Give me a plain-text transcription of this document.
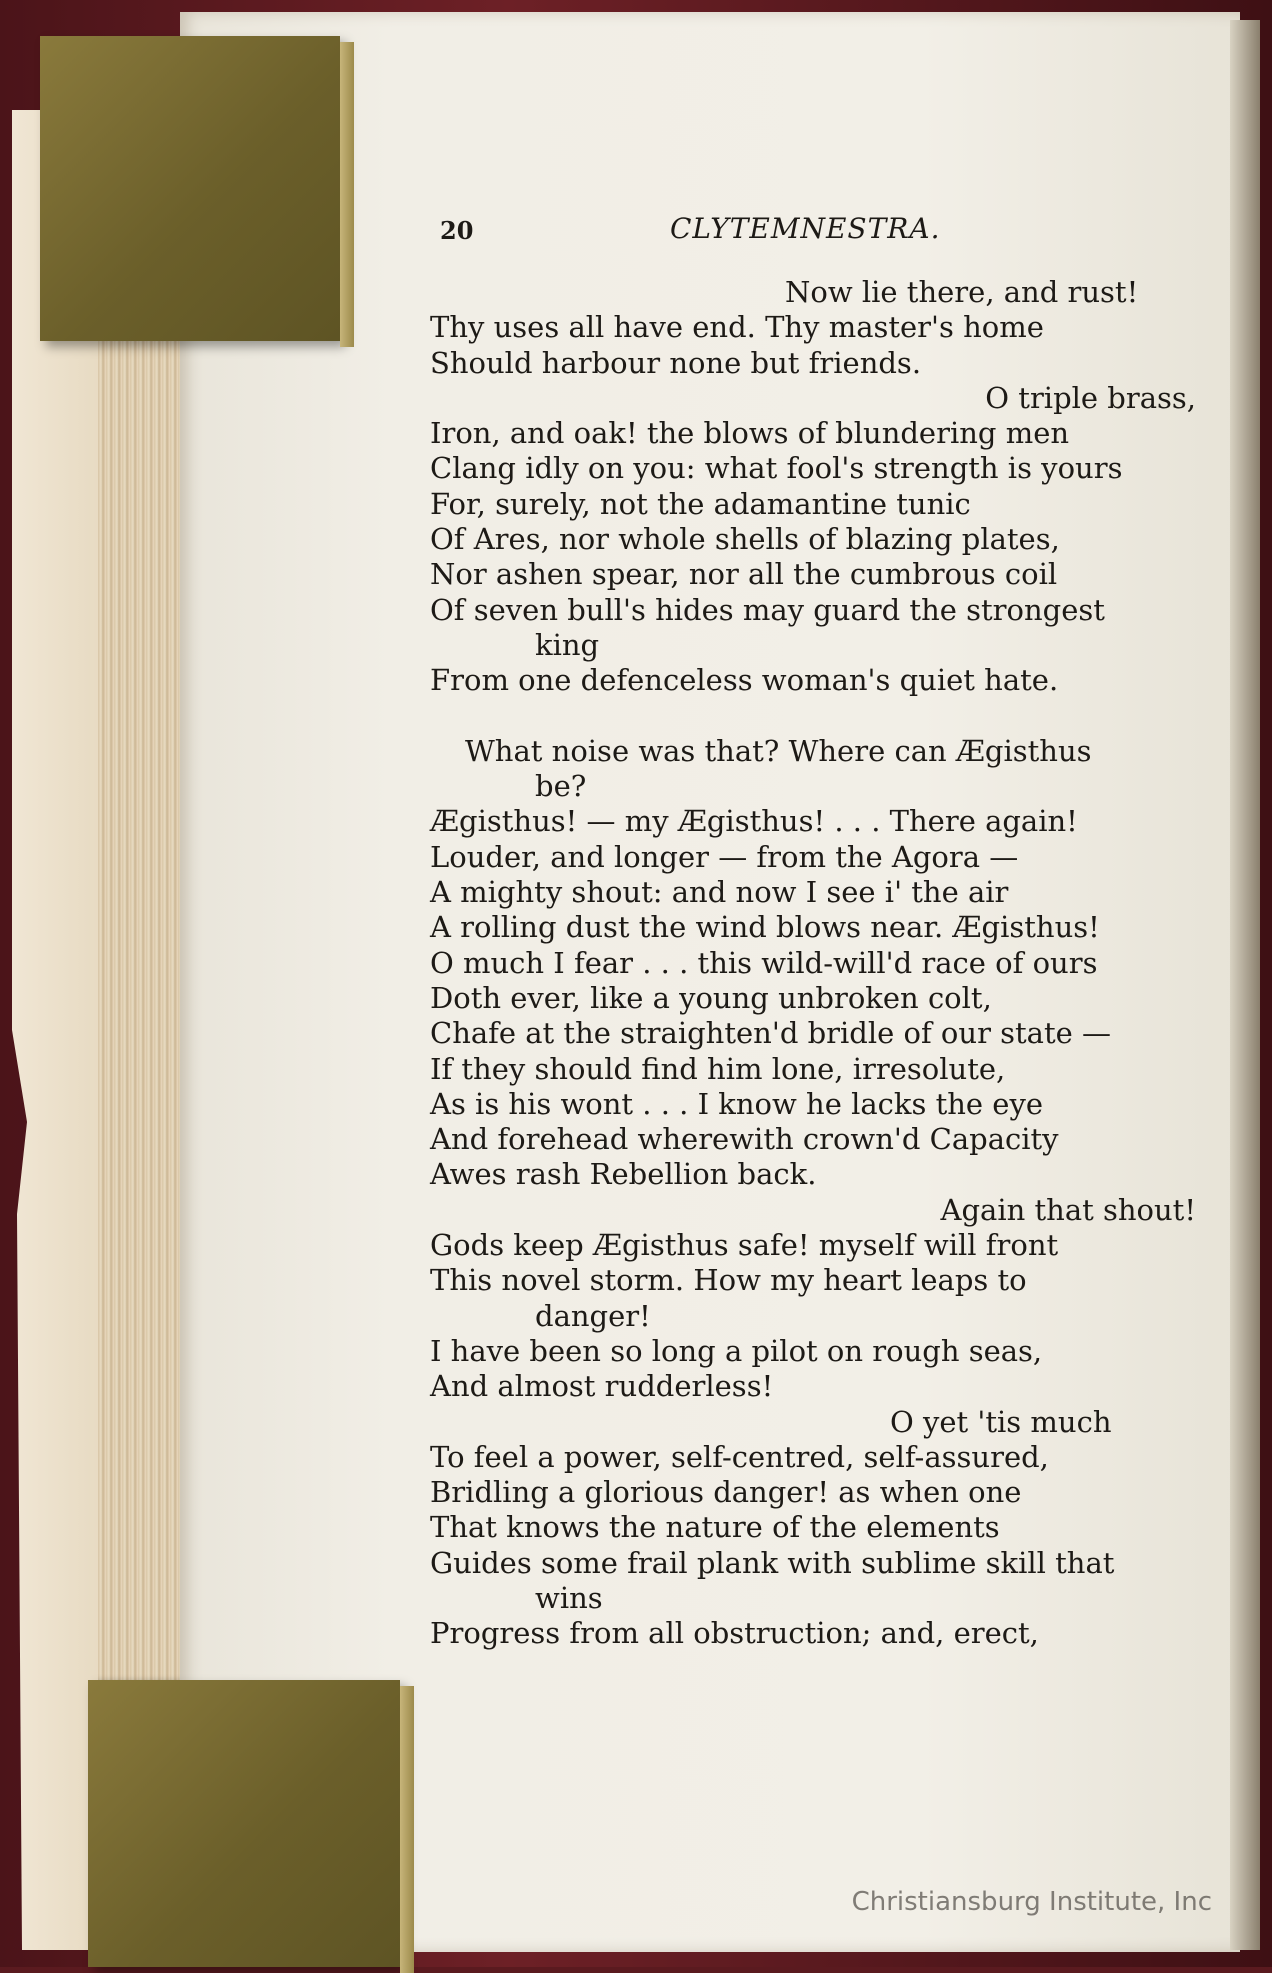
20	CLYTEMNESTRA.
Now lie there, and rust!
Thy uses all have end. Thy master's home
Should harbour none but friends.
O triple brass,
Iron, and oak! the blows of blundering men
Clang idly on you: what fool's strength is yours
For, surely, not the adamantine tunic
Of Ares, nor whole shells of blazing plates,
Nor ashen spear, nor all the cumbrous coil
Of seven bull's hides may guard the strongest
king
From one defenceless woman's quiet hate.
What noise was that? Where can Ægisthus
be?
Ægisthus! — my Ægisthus! . . . There again!
Louder, and longer — from the Agora —
A mighty shout: and now I see i' the air
A rolling dust the wind blows near. Ægisthus!
O much I fear . . . this wild-will'd race of ours
Doth ever, like a young unbroken colt,
Chafe at the straighten'd bridle of our state —
If they should find him lone, irresolute,
As is his wont . . . I know he lacks the eye
And forehead wherewith crown'd Capacity
Awes rash Rebellion back.
Again that shout!
Gods keep Ægisthus safe! myself will front
This novel storm. How my heart leaps to
danger!
I have been so long a pilot on rough seas,
And almost rudderless!
O yet 'tis much
To feel a power, self-centred, self-assured,
Bridling a glorious danger! as when one
That knows the nature of the elements
Guides some frail plank with sublime skill that
wins
Progress from all obstruction; and, erect,
Christiansburg Institute, Inc
